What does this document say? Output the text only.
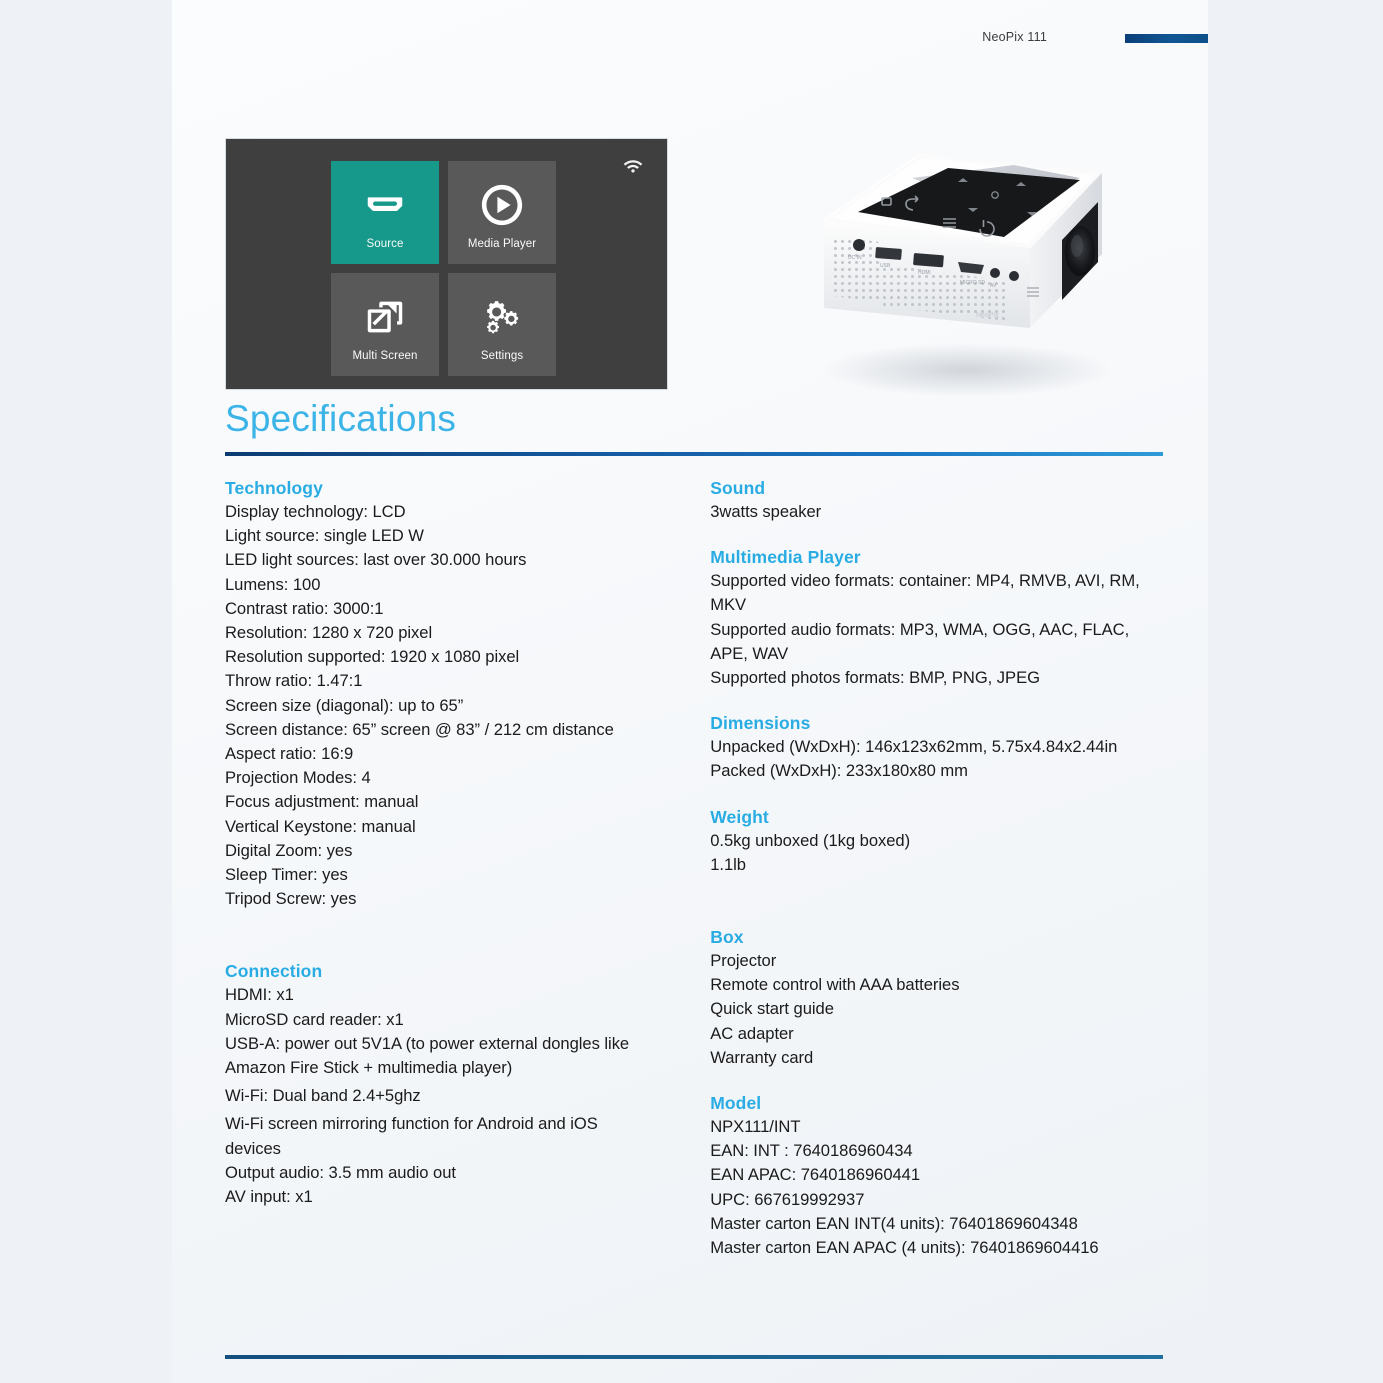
NeoPix 111
Source	Media Player
Multi Screen	Settings
DC IN
USB
HDMI
MICRO SD AV
NeoPix
Specifications
Technology
Display technology: LCD
Light source: single LED W
LED light sources: last over 30.000 hours
Lumens: 100
Contrast ratio: 3000:1
Resolution: 1280 x 720 pixel
Resolution supported: 1920 x 1080 pixel
Throw ratio: 1.47:1
Screen size (diagonal): up to 65”
Screen distance: 65” screen @ 83” / 212 cm distance
Aspect ratio: 16:9
Projection Modes: 4
Focus adjustment: manual
Vertical Keystone: manual
Digital Zoom: yes
Sleep Timer: yes
Tripod Screw: yes
Connection
HDMI: x1
MicroSD card reader: x1
USB-A: power out 5V1A (to power external dongles like Amazon Fire Stick + multimedia player)
Wi-Fi: Dual band 2.4+5ghz
Wi-Fi screen mirroring function for Android and iOS devices
Output audio: 3.5 mm audio out
AV input: x1
Sound
3watts speaker
Multimedia Player
Supported video formats: container: MP4, RMVB, AVI, RM, MKV
Supported audio formats: MP3, WMA, OGG, AAC, FLAC, APE, WAV
Supported photos formats: BMP, PNG, JPEG
Dimensions
Unpacked (WxDxH): 146x123x62mm, 5.75x4.84x2.44in
Packed (WxDxH): 233x180x80 mm
Weight
0.5kg unboxed (1kg boxed)
1.1lb
Box
Projector
Remote control with AAA batteries
Quick start guide
AC adapter
Warranty card
Model
NPX111/INT
EAN: INT : 7640186960434
EAN APAC: 7640186960441
UPC: 667619992937
Master carton EAN INT(4 units): 76401869604348
Master carton EAN APAC (4 units): 76401869604416
